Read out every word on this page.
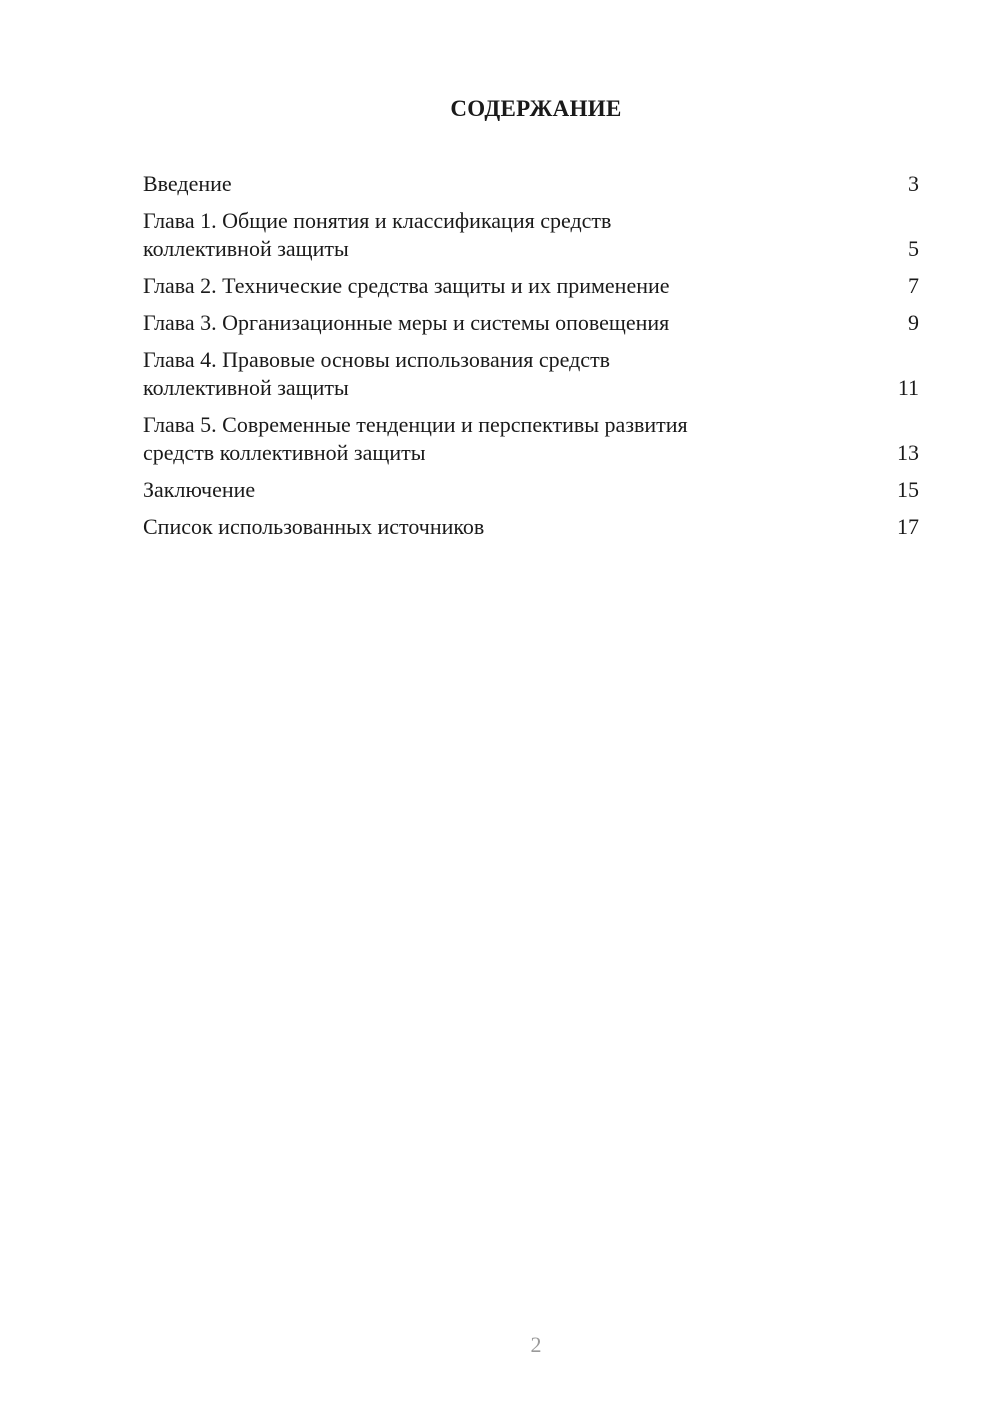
СОДЕРЖАНИЕ
Введение	3
Глава 1. Общие понятия и классификация средств
коллективной защиты	5
Глава 2. Технические средства защиты и их применение	7
Глава 3. Организационные меры и системы оповещения	9
Глава 4. Правовые основы использования средств
коллективной защиты	11
Глава 5. Современные тенденции и перспективы развития
средств коллективной защиты	13
Заключение	15
Список использованных источников	17
2
